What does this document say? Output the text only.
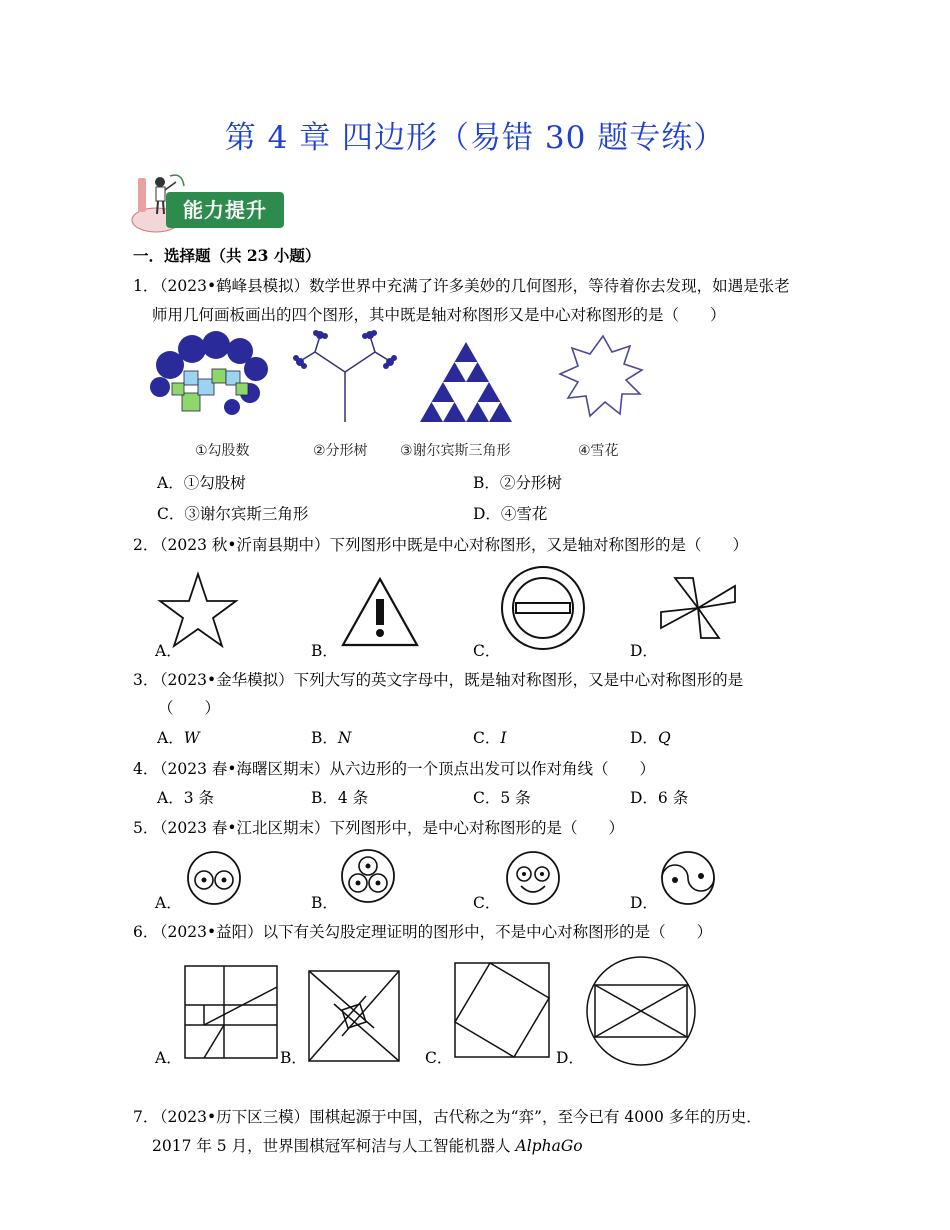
第 4 章 四边形（易错 30 题专练）
能力提升
一．选择题（共 23 小题）
1．
（2023•鹤峰县模拟）数学世界中充满了许多美妙的几何图形，等待着你去发现，如遇是张老
师用几何画板画出的四个图形，其中既是轴对称图形又是中心对称图形的是（　　）
①勾股数	②分形树 ③谢尔宾斯三角形	④雪花
A．①勾股树	B．②分形树
C．③谢尔宾斯三角形	D．④雪花
2．
（2023 秋•沂南县期中）下列图形中既是中心对称图形，又是轴对称图形的是（　　）
A．	B．	C．	D．
3．
（2023•金华模拟）下列大写的英文字母中，既是轴对称图形，又是中心对称图形的是
（　　）
A．W	B．N	C．I	D．Q
4．
（2023 春•海曙区期末）从六边形的一个顶点出发可以作对角线（　　）
A．3 条	B．4 条	C．5 条	D．6 条
5．
（2023 春•江北区期末）下列图形中，是中心对称图形的是（　　）
A．	B．	C．	D．
6．
（2023•益阳）以下有关勾股定理证明的图形中，不是中心对称图形的是（　　）
A．	B．	C．	D．
7．
（2023•历下区三模）围棋起源于中国，古代称之为“弈”，至今已有 4000 多年的历史．
2017 年 5 月，世界围棋冠军柯洁与人工智能机器人 AlphaGo
